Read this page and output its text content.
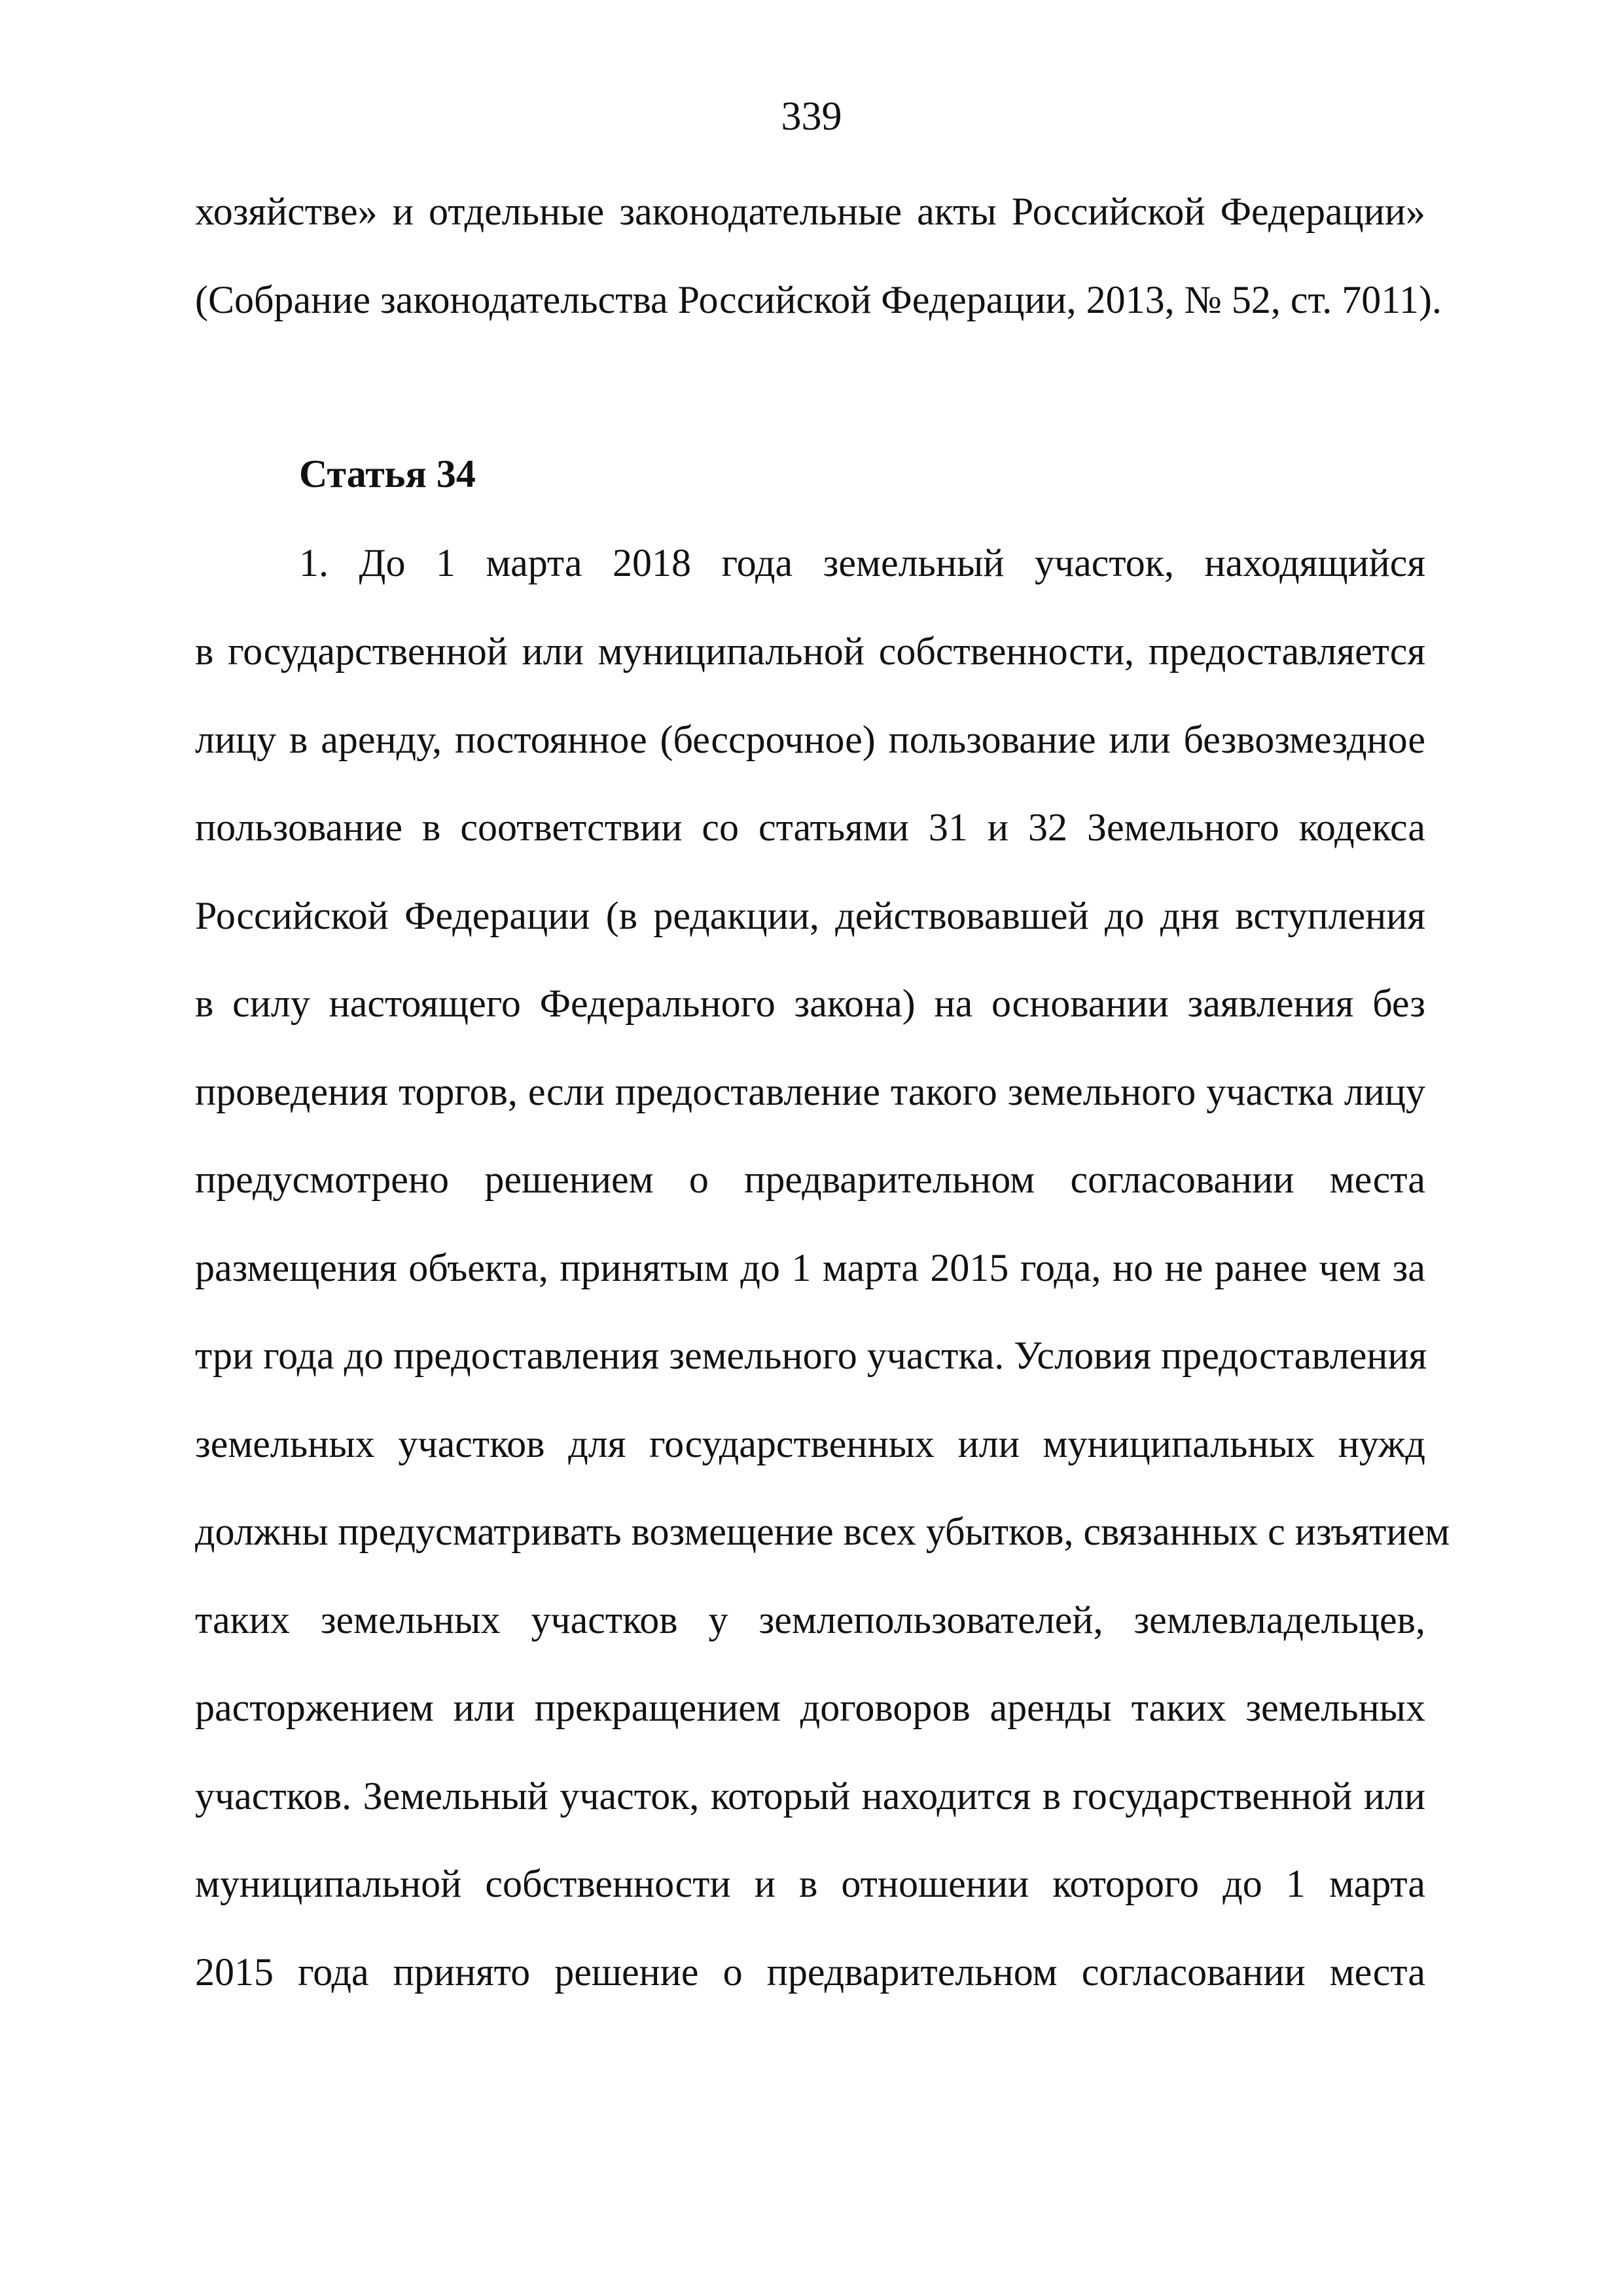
339
хозяйстве» и отдельные законодательные акты Российской Федерации»
(Собрание законодательства Российской Федерации, 2013, № 52, ст. 7011).
Статья 34
1. До 1 марта 2018 года земельный участок, находящийся
в государственной или муниципальной собственности, предоставляется
лицу в аренду, постоянное (бессрочное) пользование или безвозмездное
пользование в соответствии со статьями 31 и 32 Земельного кодекса
Российской Федерации (в редакции, действовавшей до дня вступления
в силу настоящего Федерального закона) на основании заявления без
проведения торгов, если предоставление такого земельного участка лицу
предусмотрено решением о предварительном согласовании места
размещения объекта, принятым до 1 марта 2015 года, но не ранее чем за
три года до предоставления земельного участка. Условия предоставления
земельных участков для государственных или муниципальных нужд
должны предусматривать возмещение всех убытков, связанных с изъятием
таких земельных участков у землепользователей, землевладельцев,
расторжением или прекращением договоров аренды таких земельных
участков. Земельный участок, который находится в государственной или
муниципальной собственности и в отношении которого до 1 марта
2015 года принято решение о предварительном согласовании места
